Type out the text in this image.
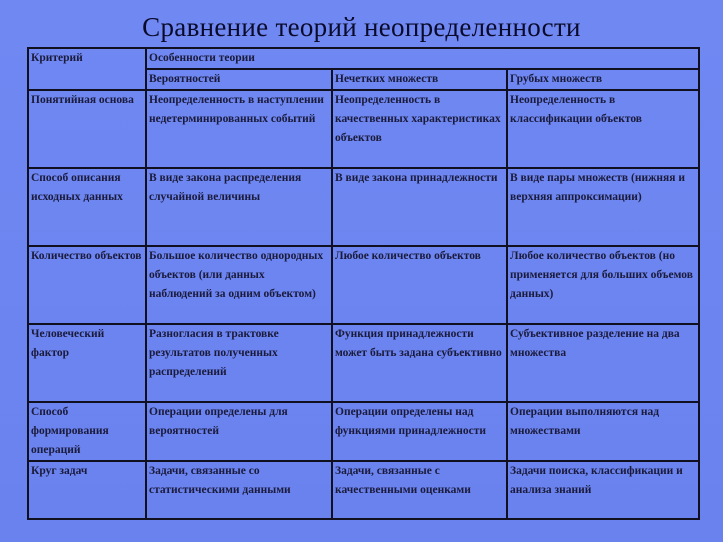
Сравнение теорий неопределенности
Критерий	Особенности теории		
	Вероятностей	Нечетких множеств	Грубых множеств
Понятийная основа	Неопределенность в наступлении недетерминированных событий	Неопределенность в качественных характеристиках объектов	Неопределенность в классификации объектов
Способ описания исходных данных	В виде закона распределения случайной величины	В виде закона принадлежности	В виде пары множеств (нижняя и верхняя аппроксимации)
Количество объектов	Большое количество однородных объектов (или данных наблюдений за одним объектом)	Любое количество объектов	Любое количество объектов (но применяется для больших объемов данных)
Человеческий фактор	Разногласия в трактовке результатов полученных распределений	Функция принадлежности может быть задана субъективно	Субъективное разделение на два множества
Способ формирования операций	Операции определены для вероятностей	Операции определены над функциями принадлежности	Операции выполняются над множествами
Круг задач	Задачи, связанные со статистическими данными	Задачи, связанные с качественными оценками	Задачи поиска, классификации и анализа знаний
